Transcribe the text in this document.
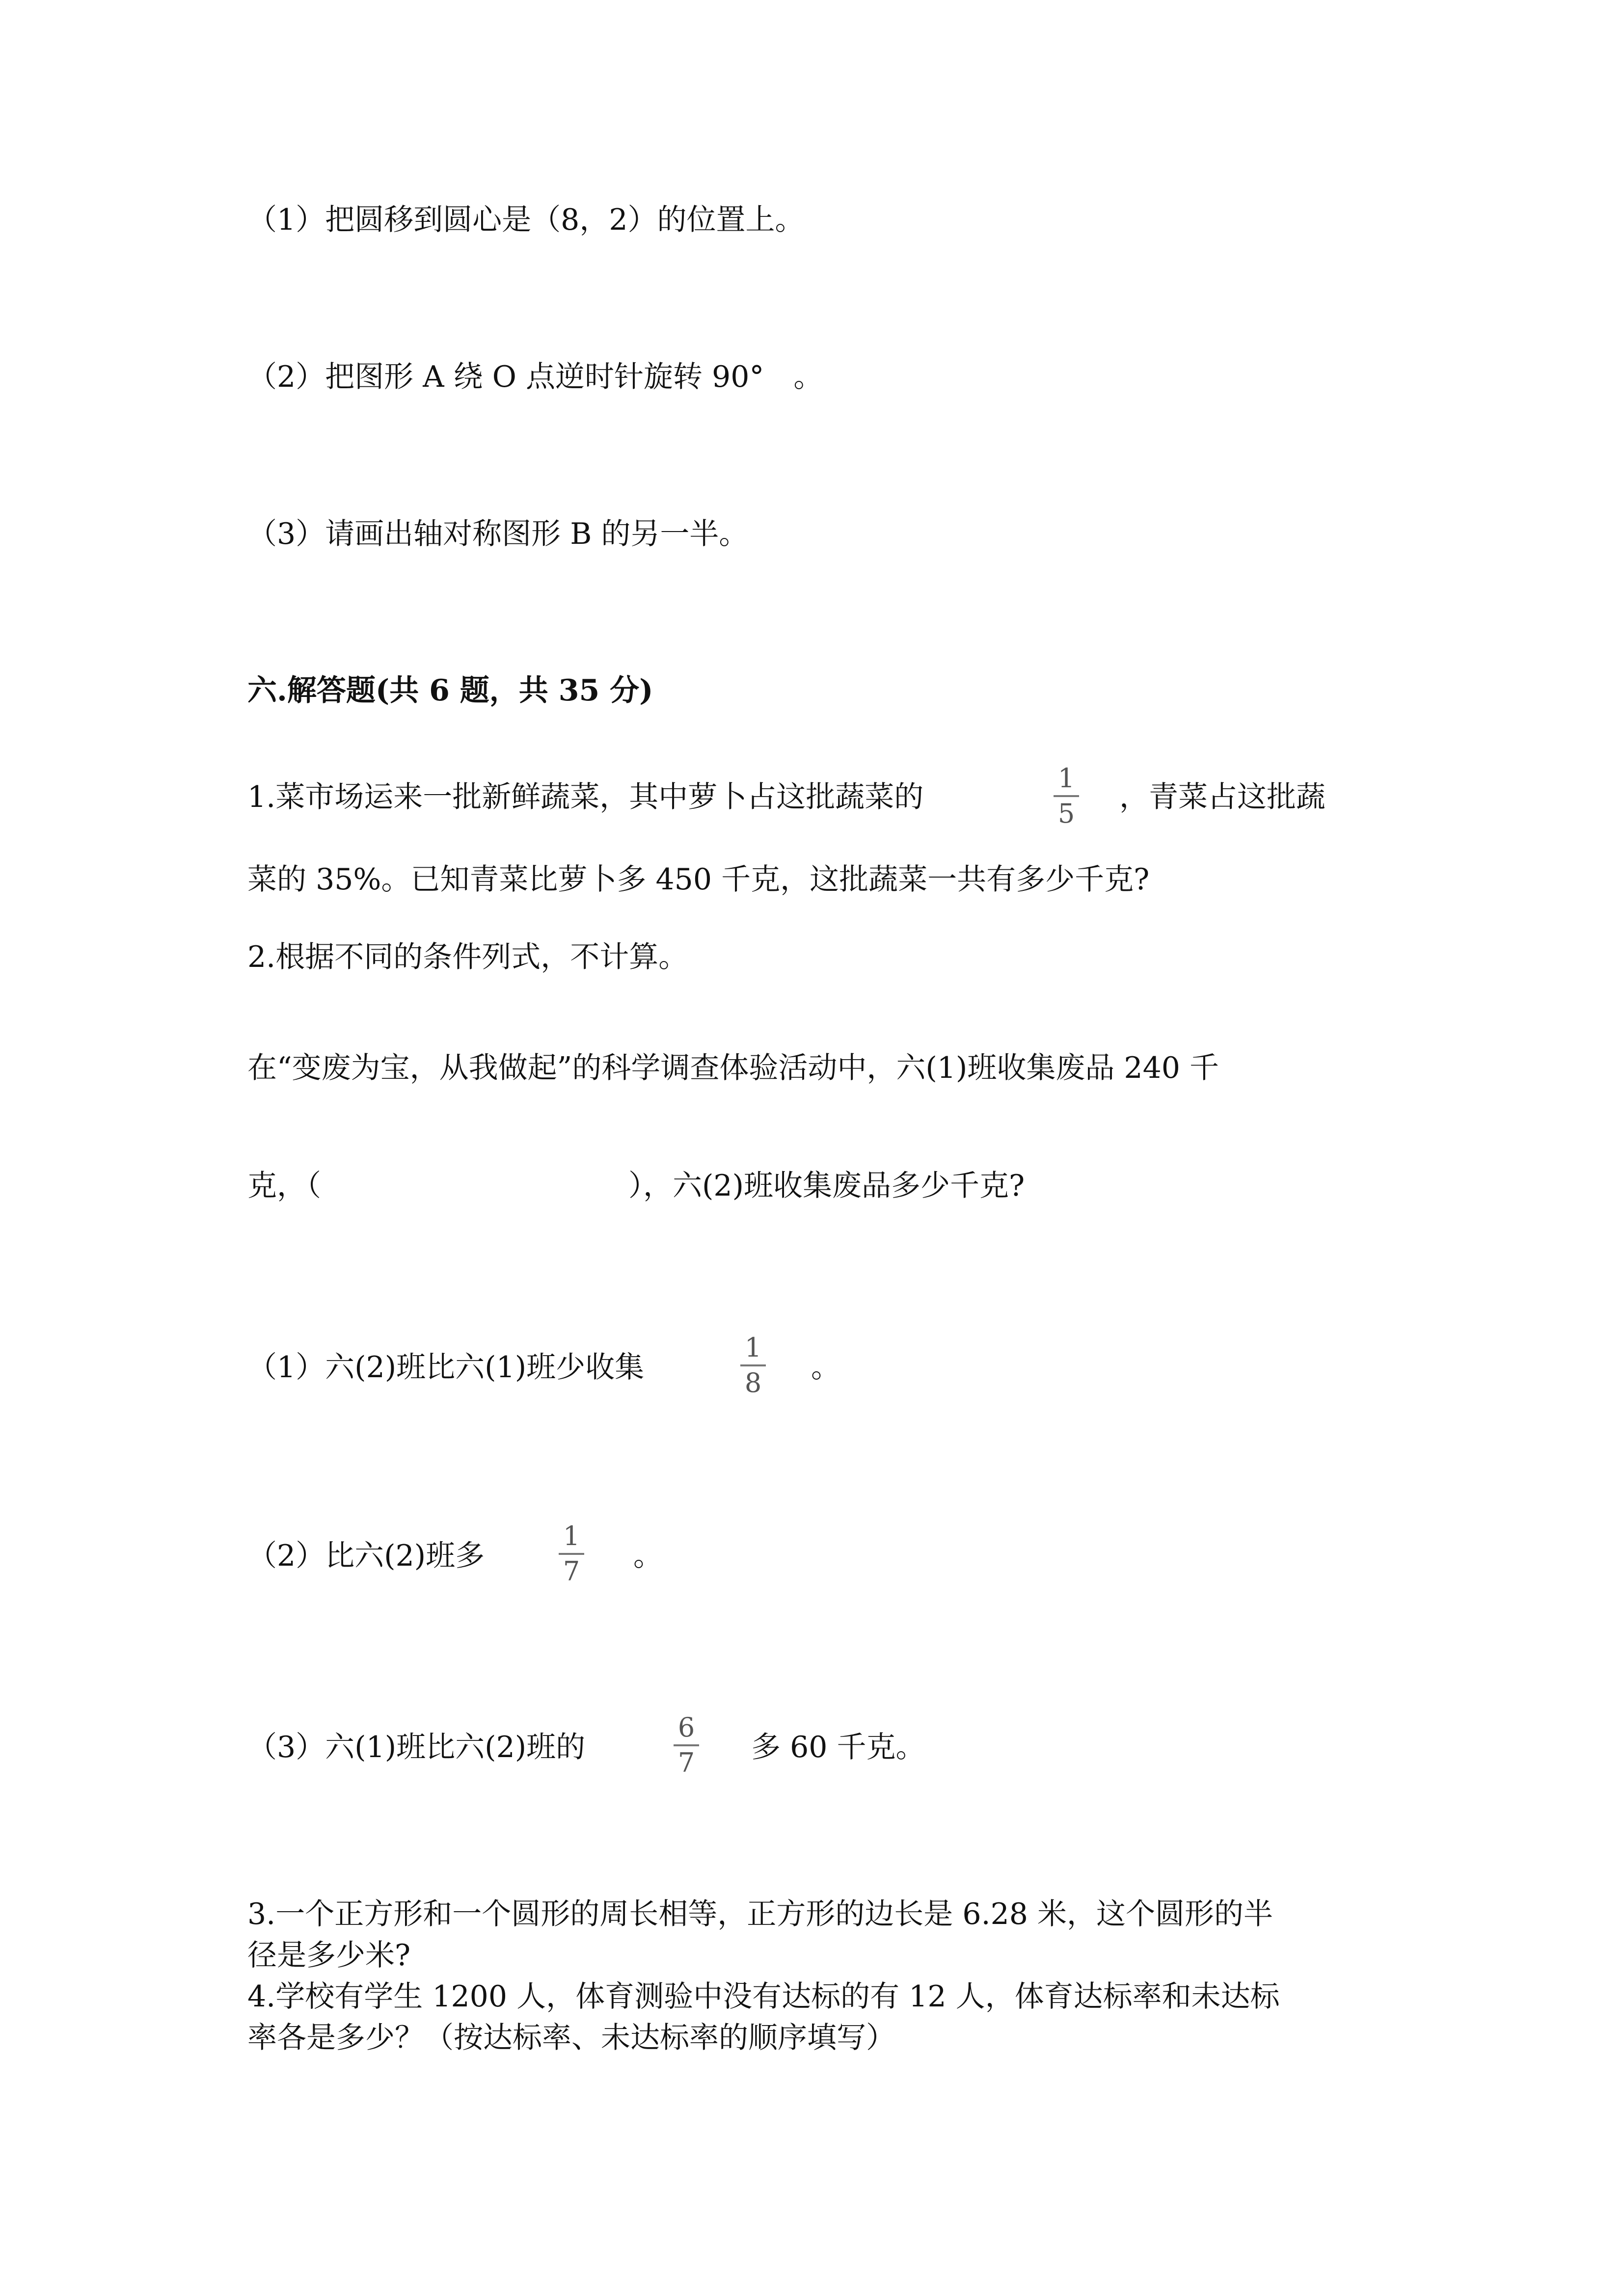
（1）把圆移到圆心是（8，2）的位置上。
（2）把图形 A 绕 O 点逆时针旋转 90°　。
（3）请画出轴对称图形 B 的另一半。
六.解答题(共 6 题，共 35 分)
1.菜市场运来一批新鲜蔬菜，其中萝卜占这批蔬菜的
1
5 ，青菜占这批蔬
菜的 35%。已知青菜比萝卜多 450 千克，这批蔬菜一共有多少千克?
2.根据不同的条件列式，不计算。
在“变废为宝，从我做起”的科学调查体验活动中，六(1)班收集废品 240 千
克，（	），六(2)班收集废品多少千克?
（1）六(2)班比六(1)班少收集
1
8 。
（2）比六(2)班多
1
7 。
（3）六(1)班比六(2)班的
6
7 多 60 千克。
3.一个正方形和一个圆形的周长相等，正方形的边长是 6.28 米，这个圆形的半
径是多少米?
4.学校有学生 1200 人，体育测验中没有达标的有 12 人，体育达标率和未达标
率各是多少？（按达标率、未达标率的顺序填写）
